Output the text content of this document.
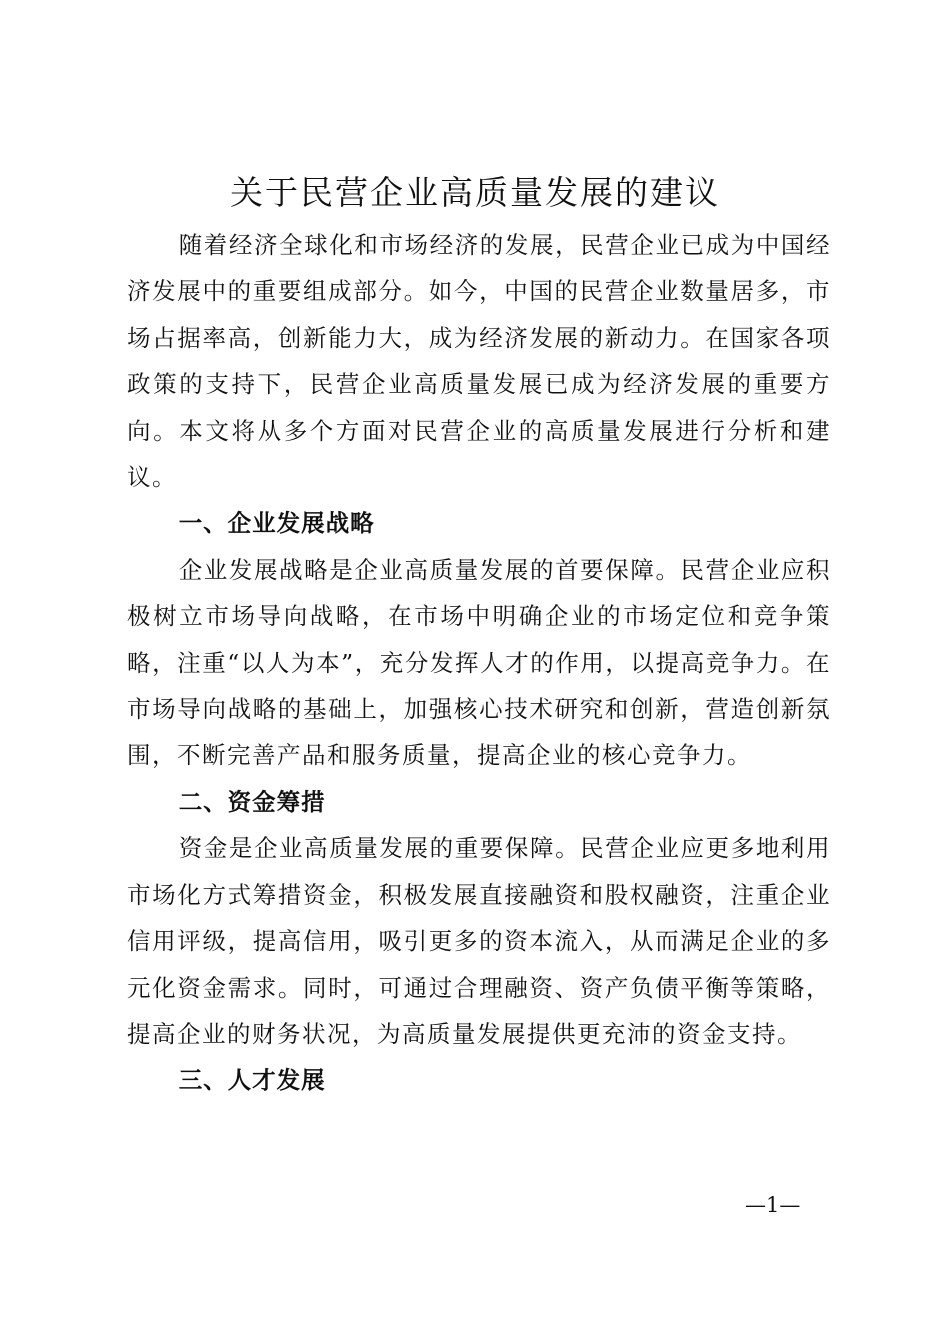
关于民营企业高质量发展的建议

随着经济全球化和市场经济的发展，民营企业已成为中国经济发展中的重要组成部分。如今，中国的民营企业数量居多，市场占据率高，创新能力大，成为经济发展的新动力。在国家各项政策的支持下，民营企业高质量发展已成为经济发展的重要方向。本文将从多个方面对民营企业的高质量发展进行分析和建议。

一、企业发展战略

企业发展战略是企业高质量发展的首要保障。民营企业应积极树立市场导向战略，在市场中明确企业的市场定位和竞争策略，注重“以人为本”，充分发挥人才的作用，以提高竞争力。在市场导向战略的基础上，加强核心技术研究和创新，营造创新氛围，不断完善产品和服务质量，提高企业的核心竞争力。

二、资金筹措

资金是企业高质量发展的重要保障。民营企业应更多地利用市场化方式筹措资金，积极发展直接融资和股权融资，注重企业信用评级，提高信用，吸引更多的资本流入，从而满足企业的多元化资金需求。同时，可通过合理融资、资产负债平衡等策略，提高企业的财务状况，为高质量发展提供更充沛的资金支持。

三、人才发展
—1—
